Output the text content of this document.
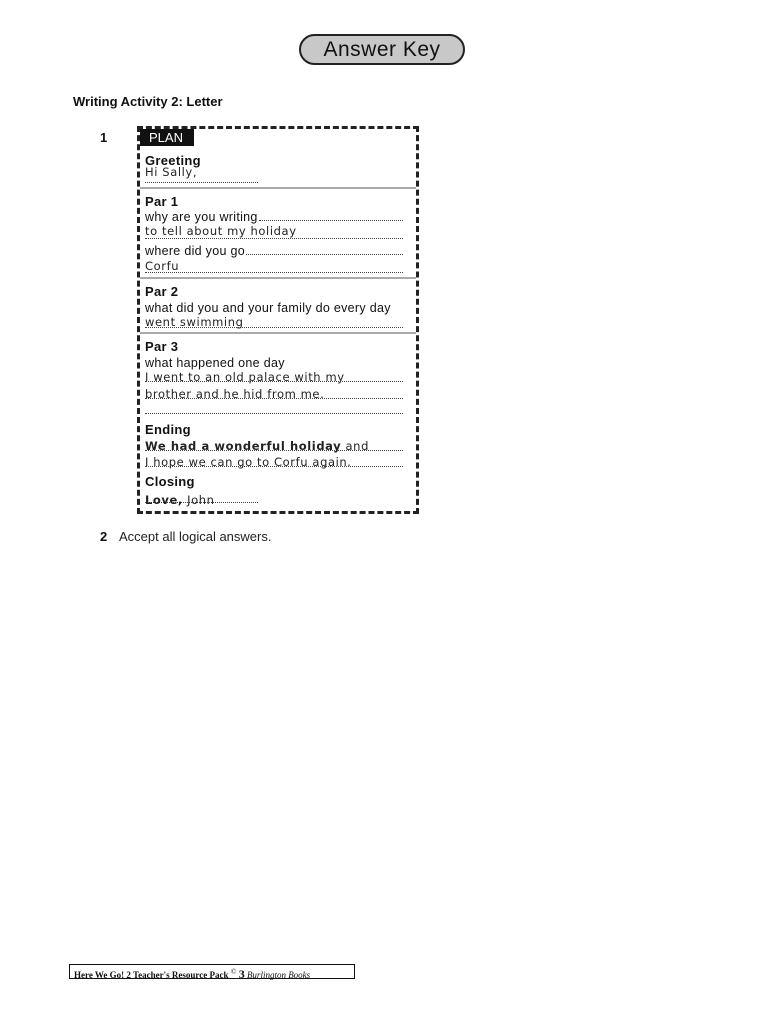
Answer Key
Writing Activity 2: Letter
1	PLAN
Greeting
Hi Sally,
Par 1
why are you writing
to tell about my holiday
where did you go
Corfu
Par 2
what did you and your family do every day
went swimming
Par 3
what happened one day
I went to an old palace with my
brother and he hid from me.
Ending
We had a wonderful holiday and
I hope we can go to Corfu again.
Closing
Love, John
2 Accept all logical answers.
Here We Go! 2 Teacher's Resource Pack © 3 Burlington Books
